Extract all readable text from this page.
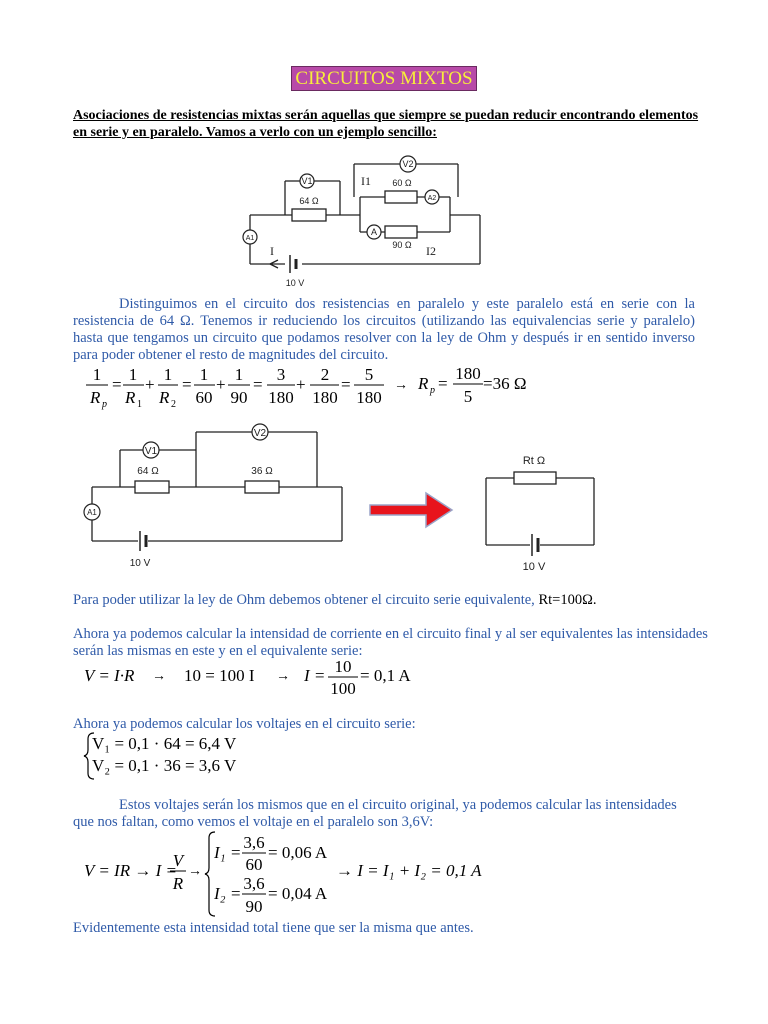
CIRCUITOS MIXTOS
Asociaciones de resistencias mixtas serán aquellas que siempre se puedan reducir encontrando elementos en serie y en paralelo. Vamos a verlo con un ejemplo sencillo:
V1
V2
A2
A
A1
64 Ω
60 Ω
90 Ω
10 V
I
I1
I2
Distinguimos en el circuito dos resistencias en paralelo y este paralelo está en serie con la resistencia de 64 Ω. Tenemos ir reduciendo los circuitos (utilizando las equivalencias serie y paralelo) hasta que tengamos un circuito que podamos resolver con la ley de Ohm y después ir en sentido inverso para poder obtener el resto de magnitudes del circuito.
1
R p
=
1
R 1
+
1
R 2
=
1
60
+
1
90
=
3
180
+
2
180
=
5
180
→ R p =
180
5
=36 Ω
V1
V2
A1
64 Ω	36 Ω
10 V
Rt Ω
10 V
Para poder utilizar la ley de Ohm debemos obtener el circuito serie equivalente, Rt=100Ω.
Ahora ya podemos calcular la intensidad de corriente en el circuito final y al ser equivalentes las intensidades serán las mismas en este y en el equivalente serie:
V = I·R → 10 = 100 I → I = 10
100
= 0,1 A
Ahora ya podemos calcular los voltajes en el circuito serie:
V₁ = 0,1 · 64 = 6,4 V
V₂ = 0,1 · 36 = 3,6 V
Estos voltajes serán los mismos que en el circuito original, ya podemos calcular las intensidades que nos faltan, como vemos el voltaje en el paralelo son 3,6V:
V = IR → I =
V
R
→
I₁ =
3,6
60
= 0,06 A
I₂ =
3,6
90
= 0,04 A
→ I = I₁ + I₂ = 0,1 A
Evidentemente esta intensidad total tiene que ser la misma que antes.
